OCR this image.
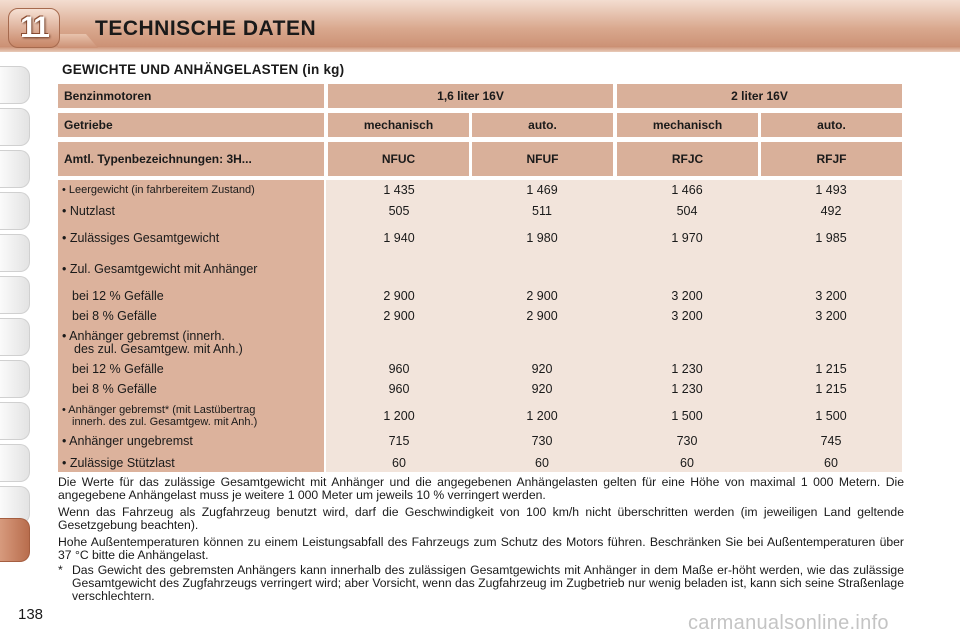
11	TECHNISCHE DATEN
GEWICHTE UND ANHÄNGELASTEN (in kg)
Benzinmotoren	1,6 liter 16V	2 liter 16V
Getriebe	mechanisch	auto.	mechanisch	auto.
Amtl. Typenbezeichnungen: 3H...	NFUC	NFUF	RFJC	RFJF
• Leergewicht (in fahrbereitem Zustand)	1 435	1 469	1 466	1 493
• Nutzlast	505	511	504	492
• Zulässiges Gesamtgewicht	1 940	1 980	1 970	1 985
• Zul. Gesamtgewicht mit Anhänger
bei 12 % Gefälle	2 900	2 900	3 200	3 200
bei 8 % Gefälle	2 900	2 900	3 200	3 200
• Anhänger gebremst (innerh.
des zul. Gesamtgew. mit Anh.)
bei 12 % Gefälle	960	920	1 230	1 215
bei 8 % Gefälle	960	920	1 230	1 215
• Anhänger gebremst* (mit Lastübertrag
innerh. des zul. Gesamtgew. mit Anh.)	1 200	1 200	1 500	1 500
• Anhänger ungebremst	715	730	730	745
• Zulässige Stützlast	60	60	60	60
Die Werte für das zulässige Gesamtgewicht mit Anhänger und die angegebenen Anhängelasten gelten für eine Höhe von maximal 1 000 Metern. Die angegebene Anhängelast muss je weitere 1 000 Meter um jeweils 10 % verringert werden.
Wenn das Fahrzeug als Zugfahrzeug benutzt wird, darf die Geschwindigkeit von 100 km/h nicht überschritten werden (im jeweiligen Land geltende Gesetzgebung beachten).
Hohe Außentemperaturen können zu einem Leistungsabfall des Fahrzeugs zum Schutz des Motors führen. Beschränken Sie bei Außentemperaturen über 37 °C bitte die Anhängelast.
* Das Gewicht des gebremsten Anhängers kann innerhalb des zulässigen Gesamtgewichts mit Anhänger in dem Maße er-höht werden, wie das zulässige Gesamtgewicht des Zugfahrzeugs verringert wird; aber Vorsicht, wenn das Zugfahrzeug im Zugbetrieb nur wenig beladen ist, kann sich seine Straßenlage verschlechtern.
138	carmanualsonline.info
